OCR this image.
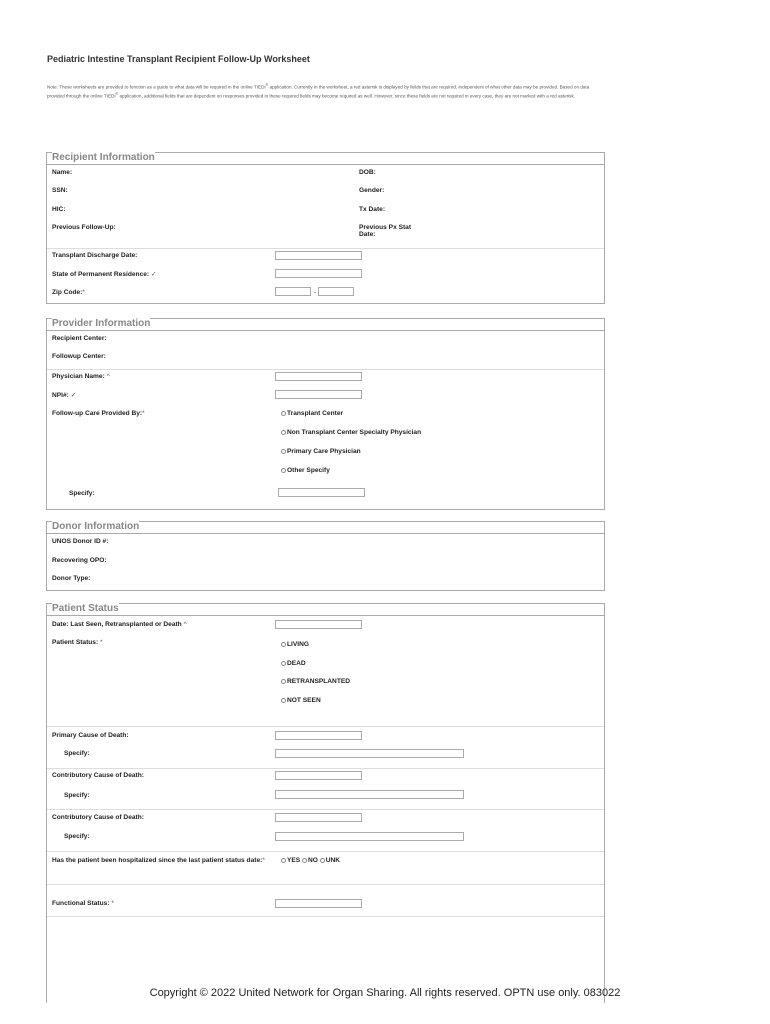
Pediatric Intestine Transplant Recipient Follow-Up Worksheet
Note: These worksheets are provided to function as a guide to what data will be required in the online TIEDI® application. Currently in the worksheet, a red asterisk is displayed by fields that are required, independent of what other data may be provided. Based on data provided through the online TIEDI® application, additional fields that are dependent on responses provided in these required fields may become required as well. However, since these fields are not required in every case, they are not marked with a red asterisk.
Recipient Information
Name:	DOB:
SSN:	Gender:
HIC:	Tx Date:
Previous Follow-Up:	Previous Px Stat Date:
Transplant Discharge Date:
State of Permanent Residence: ✓
Zip Code:*	-
Provider Information
Recipient Center:
Followup Center:
Physician Name: ^
NPI#: ✓
Follow-up Care Provided By:*	Transplant Center
Non Transplant Center Specialty Physician
Primary Care Physician
Other Specify
Specify:
Donor Information
UNOS Donor ID #:
Recovering OPO:
Donor Type:
Patient Status
Date: Last Seen, Retransplanted or Death ^
Patient Status: *	LIVING
DEAD
RETRANSPLANTED
NOT SEEN
Primary Cause of Death:
Specify:
Contributory Cause of Death:
Specify:
Contributory Cause of Death:
Specify:
Has the patient been hospitalized since the last patient status date:*	YES
NO
UNK
Functional Status: *
Copyright © 2022 United Network for Organ Sharing. All rights reserved. OPTN use only. 083022
